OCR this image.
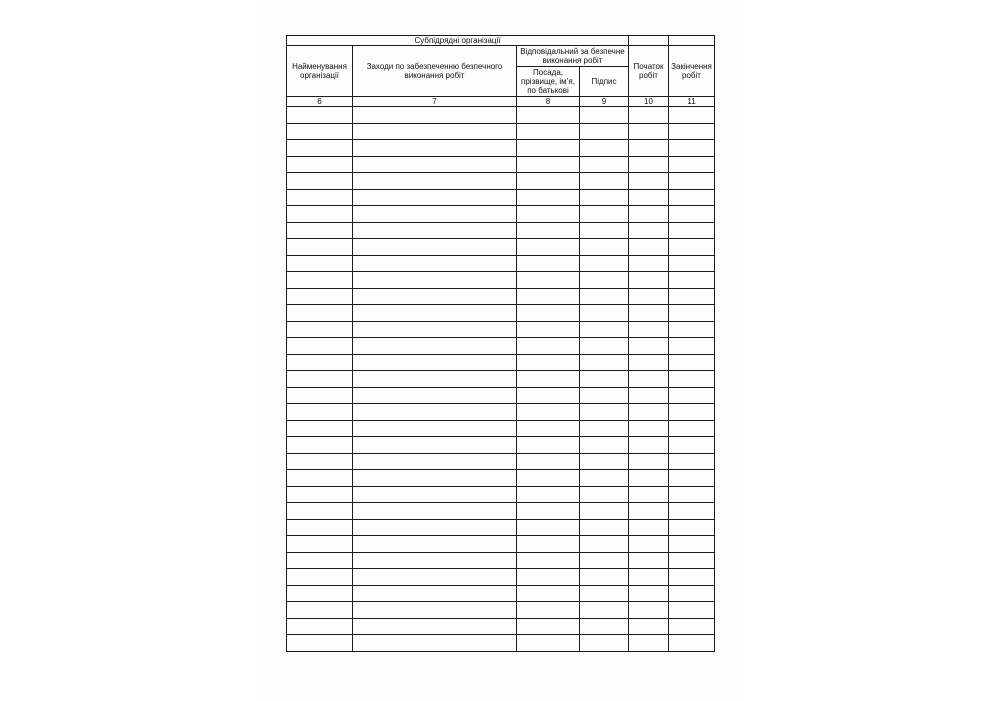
Субпідрядні організації					
Найменування організації	Заходи по забезпеченню безпечного виконання робіт	Відповідальний за безпечне виконання робіт		Початок робіт	Закінчення робіт
		Посада, прізвище, ім’я, по батькові	Підпис		
6	7	8	9	10	11
